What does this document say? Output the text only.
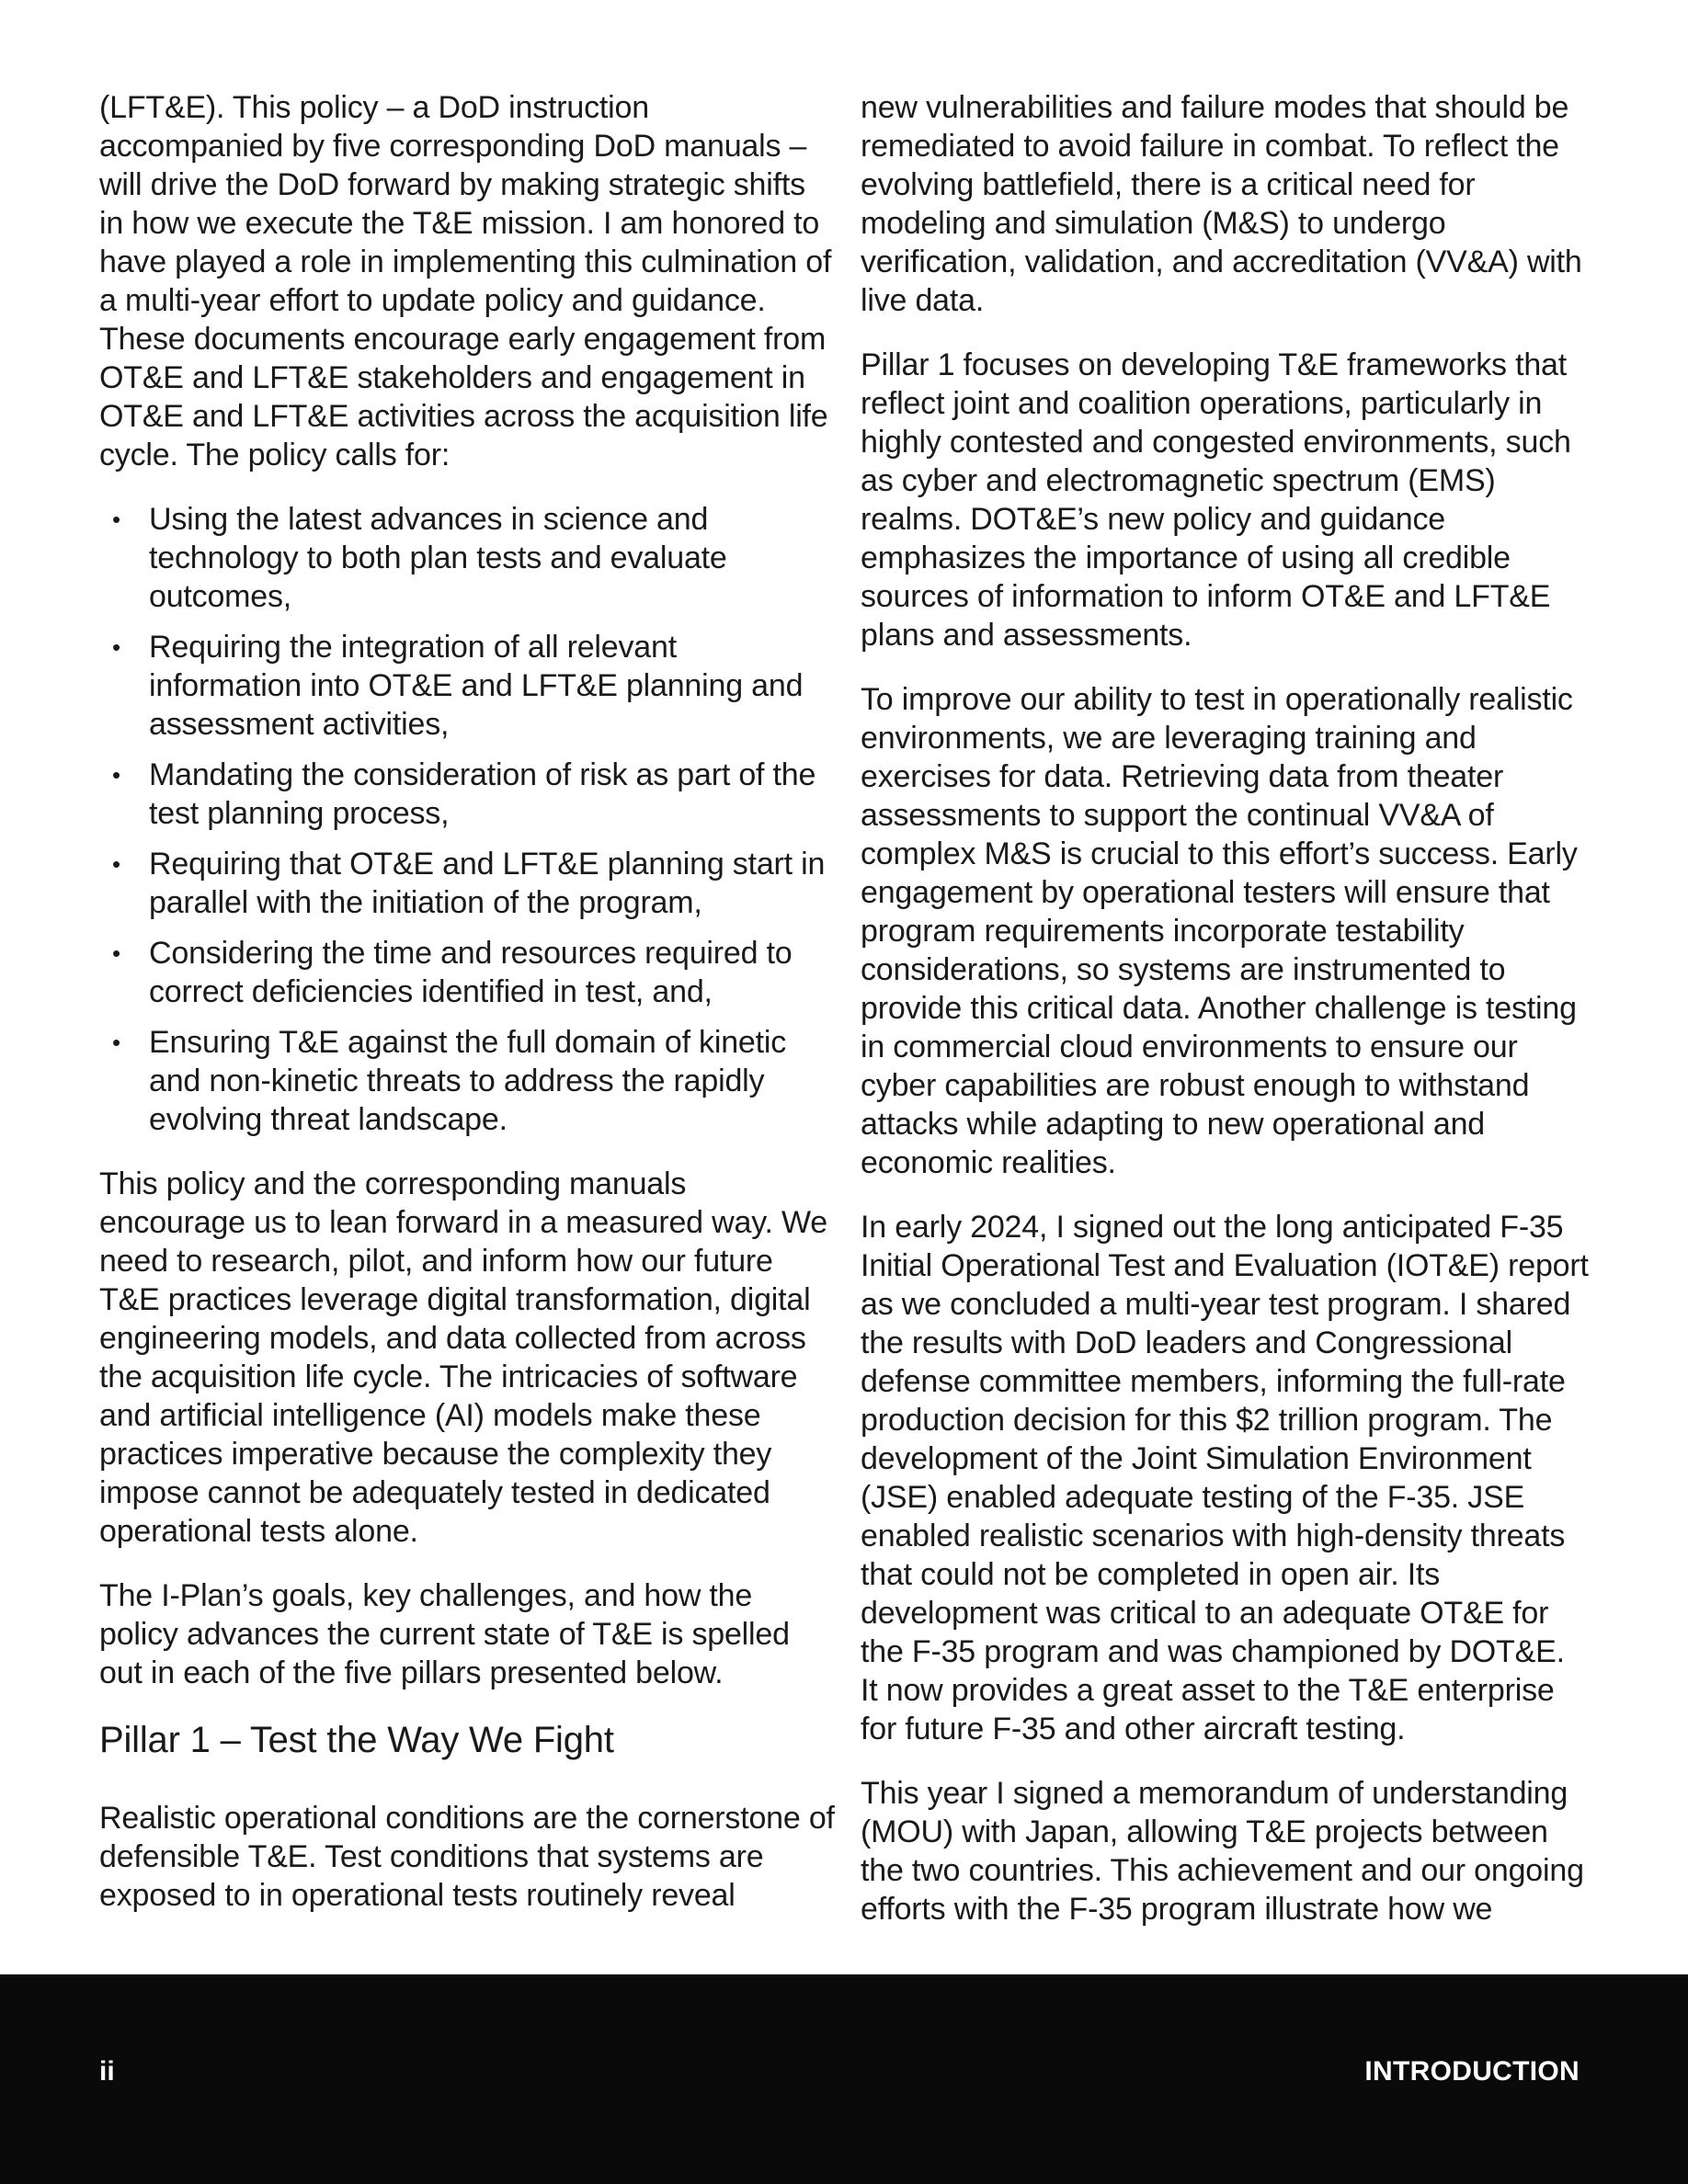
(LFT&E). This policy – a DoD instruction accompanied by five corresponding DoD manuals – will drive the DoD forward by making strategic shifts in how we execute the T&E mission. I am honored to have played a role in implementing this culmination of a multi-year effort to update policy and guidance. These documents encourage early engagement from OT&E and LFT&E stakeholders and engagement in OT&E and LFT&E activities across the acquisition life cycle. The policy calls for:

• Using the latest advances in science and technology to both plan tests and evaluate outcomes,
• Requiring the integration of all relevant information into OT&E and LFT&E planning and assessment activities,
• Mandating the consideration of risk as part of the test planning process,
• Requiring that OT&E and LFT&E planning start in parallel with the initiation of the program,
• Considering the time and resources required to correct deficiencies identified in test, and,
• Ensuring T&E against the full domain of kinetic and non-kinetic threats to address the rapidly evolving threat landscape.

This policy and the corresponding manuals encourage us to lean forward in a measured way. We need to research, pilot, and inform how our future T&E practices leverage digital transformation, digital engineering models, and data collected from across the acquisition life cycle. The intricacies of software and artificial intelligence (AI) models make these practices imperative because the complexity they impose cannot be adequately tested in dedicated operational tests alone.

The I-Plan’s goals, key challenges, and how the policy advances the current state of T&E is spelled out in each of the five pillars presented below.

Pillar 1 – Test the Way We Fight

Realistic operational conditions are the cornerstone of defensible T&E. Test conditions that systems are exposed to in operational tests routinely reveal

new vulnerabilities and failure modes that should be remediated to avoid failure in combat. To reflect the evolving battlefield, there is a critical need for modeling and simulation (M&S) to undergo verification, validation, and accreditation (VV&A) with live data.

Pillar 1 focuses on developing T&E frameworks that reflect joint and coalition operations, particularly in highly contested and congested environments, such as cyber and electromagnetic spectrum (EMS) realms. DOT&E’s new policy and guidance emphasizes the importance of using all credible sources of information to inform OT&E and LFT&E plans and assessments.

To improve our ability to test in operationally realistic environments, we are leveraging training and exercises for data. Retrieving data from theater assessments to support the continual VV&A of complex M&S is crucial to this effort’s success. Early engagement by operational testers will ensure that program requirements incorporate testability considerations, so systems are instrumented to provide this critical data. Another challenge is testing in commercial cloud environments to ensure our cyber capabilities are robust enough to withstand attacks while adapting to new operational and economic realities.

In early 2024, I signed out the long anticipated F-35 Initial Operational Test and Evaluation (IOT&E) report as we concluded a multi-year test program. I shared the results with DoD leaders and Congressional defense committee members, informing the full-rate production decision for this $2 trillion program. The development of the Joint Simulation Environment (JSE) enabled adequate testing of the F-35. JSE enabled realistic scenarios with high-density threats that could not be completed in open air. Its development was critical to an adequate OT&E for the F-35 program and was championed by DOT&E. It now provides a great asset to the T&E enterprise for future F-35 and other aircraft testing.

This year I signed a memorandum of understanding (MOU) with Japan, allowing T&E projects between the two countries. This achievement and our ongoing efforts with the F-35 program illustrate how we

ii	INTRODUCTION
